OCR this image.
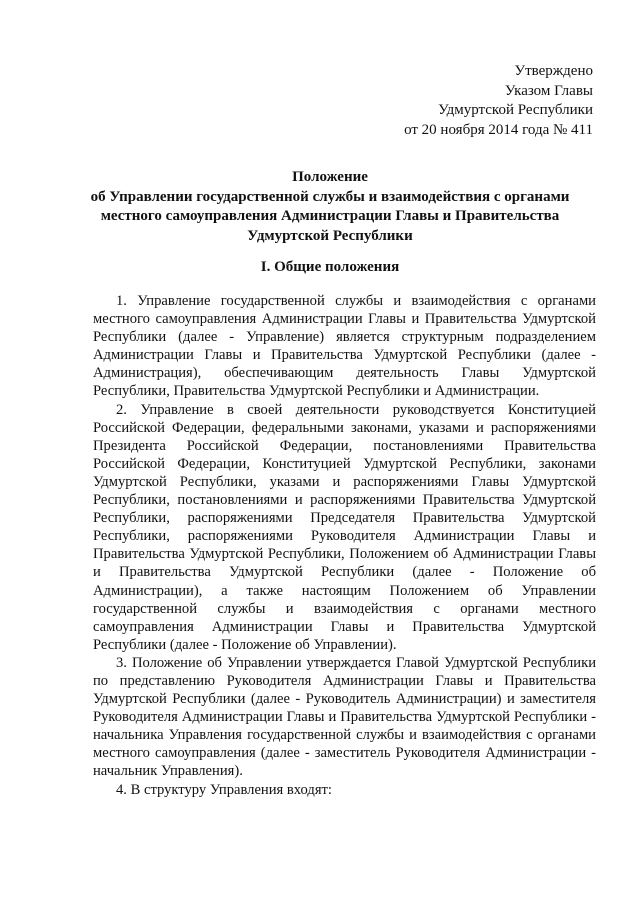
Утверждено
Указом Главы
Удмуртской Республики
от 20 ноября 2014 года № 411
Положение
об Управлении государственной службы и взаимодействия с органами
местного самоуправления Администрации Главы и Правительства
Удмуртской Республики
I. Общие положения

1. Управление государственной службы и взаимодействия с органами местного самоуправления Администрации Главы и Правительства Удмуртской Республики (далее - Управление) является структурным подразделением Администрации Главы и Правительства Удмуртской Республики (далее - Администрация), обеспечивающим деятельность Главы Удмуртской Республики, Правительства Удмуртской Республики и Администрации.

2. Управление в своей деятельности руководствуется Конституцией Российской Федерации, федеральными законами, указами и распоряжениями Президента Российской Федерации, постановлениями Правительства Российской Федерации, Конституцией Удмуртской Республики, законами Удмуртской Республики, указами и распоряжениями Главы Удмуртской Республики, постановлениями и распоряжениями Правительства Удмуртской Республики, распоряжениями Председателя Правительства Удмуртской Республики, распоряжениями Руководителя Администрации Главы и Правительства Удмуртской Республики, Положением об Администрации Главы и Правительства Удмуртской Республики (далее - Положение об Администрации), а также настоящим Положением об Управлении государственной службы и взаимодействия с органами местного самоуправления Администрации Главы и Правительства Удмуртской Республики (далее - Положение об Управлении).

3. Положение об Управлении утверждается Главой Удмуртской Республики по представлению Руководителя Администрации Главы и Правительства Удмуртской Республики (далее - Руководитель Администрации) и заместителя Руководителя Администрации Главы и Правительства Удмуртской Республики - начальника Управления государственной службы и взаимодействия с органами местного самоуправления (далее - заместитель Руководителя Администрации - начальник Управления).

4. В структуру Управления входят:
